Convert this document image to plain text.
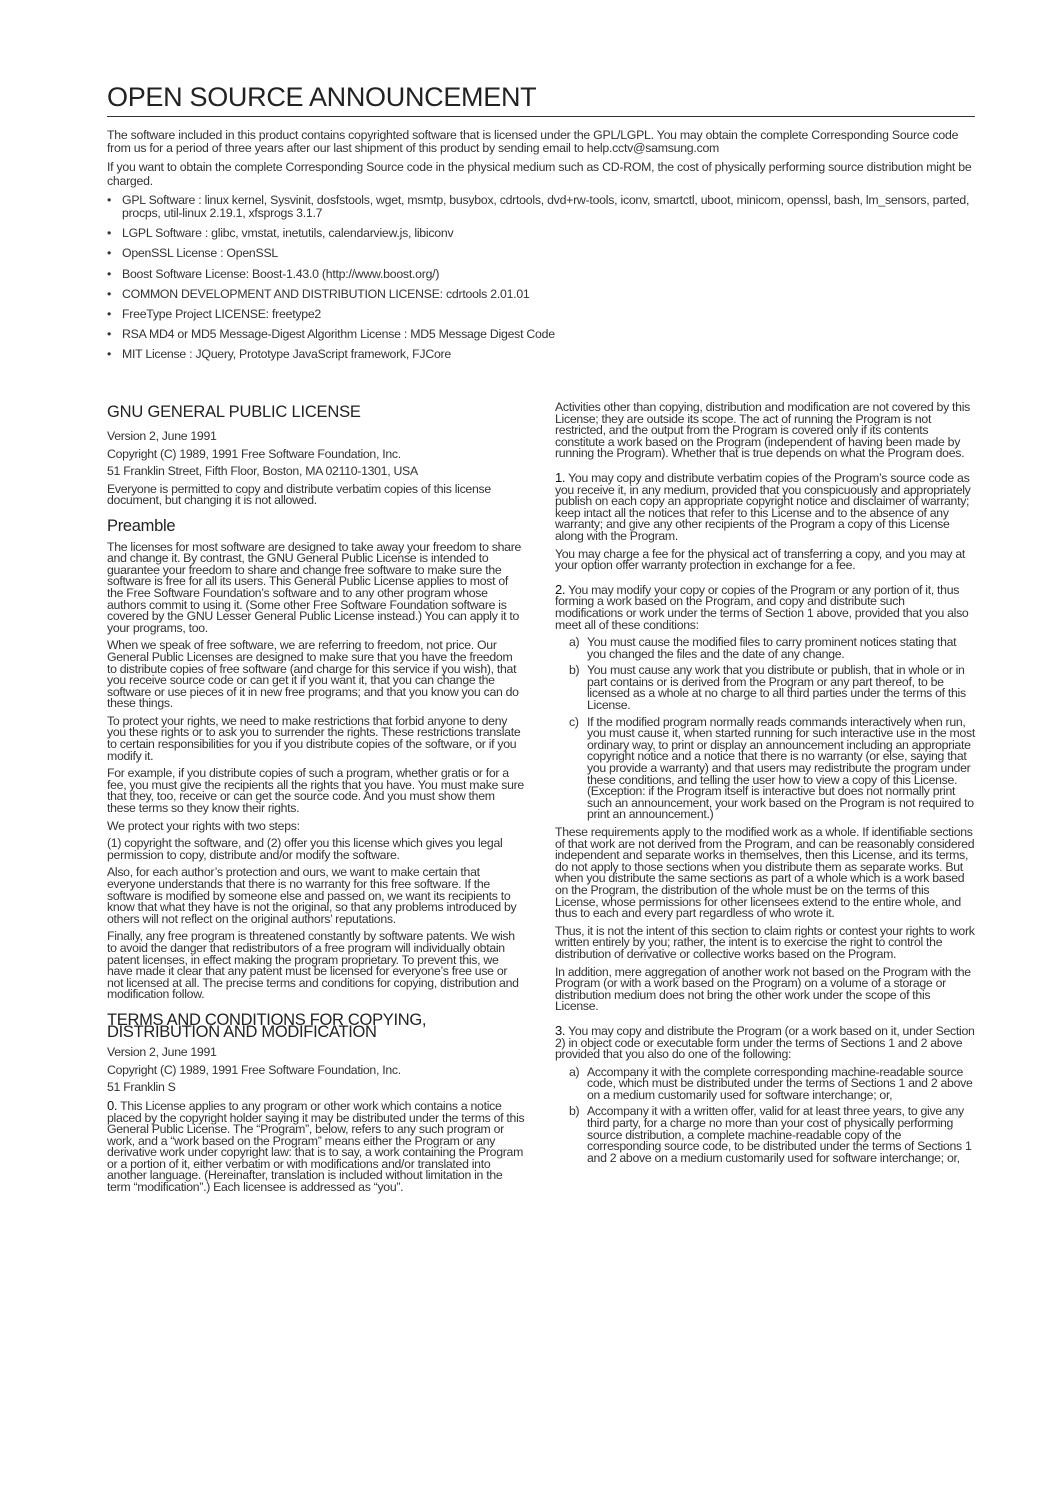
OPEN SOURCE ANNOUNCEMENT

The software included in this product contains copyrighted software that is licensed under the GPL/LGPL. You may obtain the complete Corresponding Source code from us for a period of three years after our last shipment of this product by sending email to help.cctv@samsung.com

If you want to obtain the complete Corresponding Source code in the physical medium such as CD-ROM, the cost of physically performing source distribution might be charged.

• GPL Software : linux kernel, Sysvinit, dosfstools, wget, msmtp, busybox, cdrtools, dvd+rw-tools, iconv, smartctl, uboot, minicom, openssl, bash, lm_sensors, parted, procps, util-linux 2.19.1, xfsprogs 3.1.7
• LGPL Software : glibc, vmstat, inetutils, calendarview.js, libiconv
• OpenSSL License : OpenSSL
• Boost Software License: Boost-1.43.0 (http://www.boost.org/)
• COMMON DEVELOPMENT AND DISTRIBUTION LICENSE: cdrtools 2.01.01
• FreeType Project LICENSE: freetype2
• RSA MD4 or MD5 Message-Digest Algorithm License : MD5 Message Digest Code
• MIT License : JQuery, Prototype JavaScript framework, FJCore
GNU GENERAL PUBLIC LICENSE

Version 2, June 1991

Copyright (C) 1989, 1991 Free Software Foundation, Inc.

51 Franklin Street, Fifth Floor, Boston, MA 02110-1301, USA

Everyone is permitted to copy and distribute verbatim copies of this license document, but changing it is not allowed.

Preamble

The licenses for most software are designed to take away your freedom to share and change it. By contrast, the GNU General Public License is intended to guarantee your freedom to share and change free software to make sure the software is free for all its users. This General Public License applies to most of the Free Software Foundation’s software and to any other program whose authors commit to using it. (Some other Free Software Foundation software is covered by the GNU Lesser General Public License instead.) You can apply it to your programs, too.

When we speak of free software, we are referring to freedom, not price. Our General Public Licenses are designed to make sure that you have the freedom to distribute copies of free software (and charge for this service if you wish), that you receive source code or can get it if you want it, that you can change the software or use pieces of it in new free programs; and that you know you can do these things.

To protect your rights, we need to make restrictions that forbid anyone to deny you these rights or to ask you to surrender the rights. These restrictions translate to certain responsibilities for you if you distribute copies of the software, or if you modify it.

For example, if you distribute copies of such a program, whether gratis or for a fee, you must give the recipients all the rights that you have. You must make sure that they, too, receive or can get the source code. And you must show them these terms so they know their rights.

We protect your rights with two steps:

(1) copyright the software, and (2) offer you this license which gives you legal permission to copy, distribute and/or modify the software.

Also, for each author’s protection and ours, we want to make certain that everyone understands that there is no warranty for this free software. If the software is modified by someone else and passed on, we want its recipients to know that what they have is not the original, so that any problems introduced by others will not reflect on the original authors’ reputations.

Finally, any free program is threatened constantly by software patents. We wish to avoid the danger that redistributors of a free program will individually obtain patent licenses, in effect making the program proprietary. To prevent this, we have made it clear that any patent must be licensed for everyone’s free use or not licensed at all. The precise terms and conditions for copying, distribution and modification follow.

TERMS AND CONDITIONS FOR COPYING, DISTRIBUTION AND MODIFICATION

Version 2, June 1991

Copyright (C) 1989, 1991 Free Software Foundation, Inc.

51 Franklin S

0. This License applies to any program or other work which contains a notice placed by the copyright holder saying it may be distributed under the terms of this General Public License. The “Program”, below, refers to any such program or work, and a “work based on the Program” means either the Program or any derivative work under copyright law: that is to say, a work containing the Program or a portion of it, either verbatim or with modifications and/or translated into another language. (Hereinafter, translation is included without limitation in the term “modification”.) Each licensee is addressed as “you”.

Activities other than copying, distribution and modification are not covered by this License; they are outside its scope. The act of running the Program is not restricted, and the output from the Program is covered only if its contents constitute a work based on the Program (independent of having been made by running the Program). Whether that is true depends on what the Program does.

1. You may copy and distribute verbatim copies of the Program’s source code as you receive it, in any medium, provided that you conspicuously and appropriately publish on each copy an appropriate copyright notice and disclaimer of warranty; keep intact all the notices that refer to this License and to the absence of any warranty; and give any other recipients of the Program a copy of this License along with the Program.

You may charge a fee for the physical act of transferring a copy, and you may at your option offer warranty protection in exchange for a fee.

2. You may modify your copy or copies of the Program or any portion of it, thus forming a work based on the Program, and copy and distribute such modifications or work under the terms of Section 1 above, provided that you also meet all of these conditions:

a) You must cause the modified files to carry prominent notices stating that you changed the files and the date of any change.
b) You must cause any work that you distribute or publish, that in whole or in part contains or is derived from the Program or any part thereof, to be licensed as a whole at no charge to all third parties under the terms of this License.
c) If the modified program normally reads commands interactively when run, you must cause it, when started running for such interactive use in the most ordinary way, to print or display an announcement including an appropriate copyright notice and a notice that there is no warranty (or else, saying that you provide a warranty) and that users may redistribute the program under these conditions, and telling the user how to view a copy of this License. (Exception: if the Program itself is interactive but does not normally print such an announcement, your work based on the Program is not required to print an announcement.)

These requirements apply to the modified work as a whole. If identifiable sections of that work are not derived from the Program, and can be reasonably considered independent and separate works in themselves, then this License, and its terms, do not apply to those sections when you distribute them as separate works. But when you distribute the same sections as part of a whole which is a work based on the Program, the distribution of the whole must be on the terms of this License, whose permissions for other licensees extend to the entire whole, and thus to each and every part regardless of who wrote it.

Thus, it is not the intent of this section to claim rights or contest your rights to work written entirely by you; rather, the intent is to exercise the right to control the distribution of derivative or collective works based on the Program.

In addition, mere aggregation of another work not based on the Program with the Program (or with a work based on the Program) on a volume of a storage or distribution medium does not bring the other work under the scope of this License.

3. You may copy and distribute the Program (or a work based on it, under Section 2) in object code or executable form under the terms of Sections 1 and 2 above provided that you also do one of the following:

a) Accompany it with the complete corresponding machine-readable source code, which must be distributed under the terms of Sections 1 and 2 above on a medium customarily used for software interchange; or,
b) Accompany it with a written offer, valid for at least three years, to give any third party, for a charge no more than your cost of physically performing source distribution, a complete machine-readable copy of the corresponding source code, to be distributed under the terms of Sections 1 and 2 above on a medium customarily used for software interchange; or,
